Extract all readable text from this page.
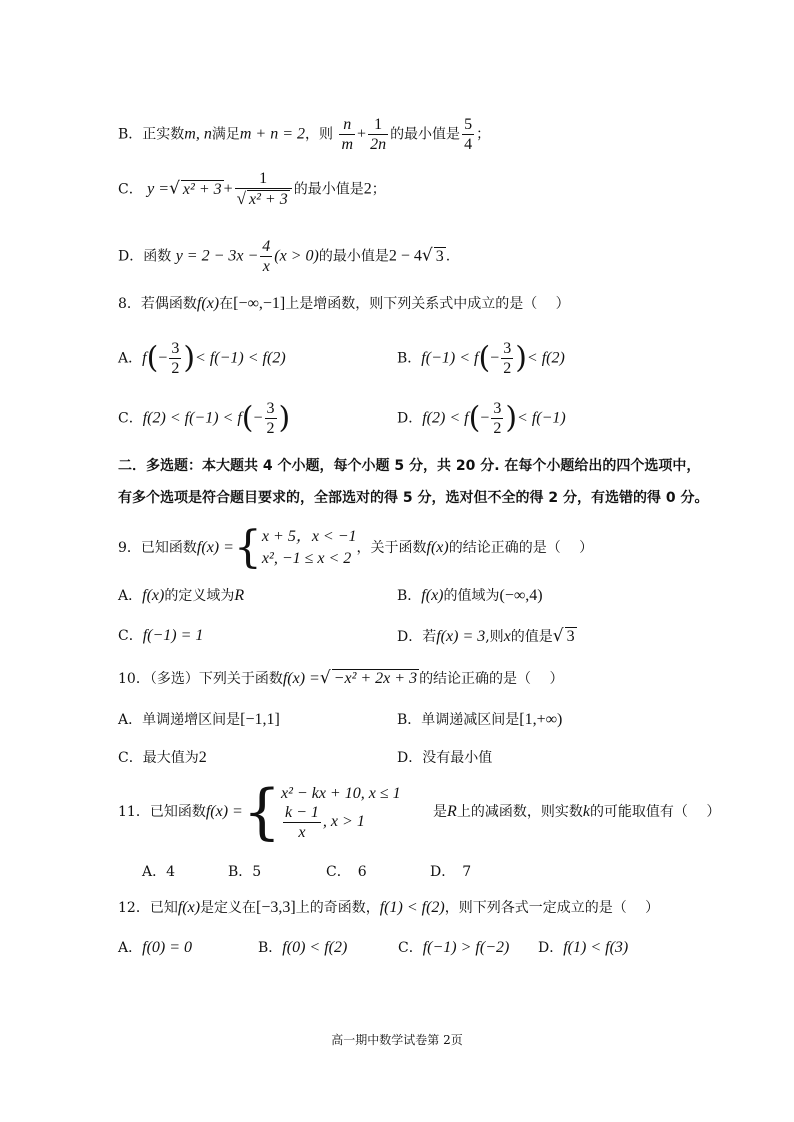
B．正实数m, n满足m + n = 2，则 $\frac{n}{m} + \frac{1}{2n}$ 的最小值是 $\frac{5}{4}$ ；
C． y =√ $x^2 + 3 + \frac{1}{\text{√ x² + 3}}$ 的最小值是2；
D．函数 $y = 2 - 3x - \frac{4}{x} (x > 0)$的最小值是2 − 4√ 3 .
8．若偶函数f(x)在[−∞,−1]上是增函数，则下列关系式中成立的是（　 ）
A．$f(- \frac{3}{2}$ )< f(−1) < f(2)	B．$f(-1) < f(- \frac{3}{2}$ )< f(2)
C．$f(2) < f(-1) < f(- \frac{3}{2}$ )	D．$f(2) < f(- \frac{3}{2}$ )< f(−1)
二．多选题：本大题共 4 个小题，每个小题 5 分，共 20 分. 在每个小题给出的四个选项中，
有多个选项是符合题目要求的，全部选对的得 5 分，选对但不全的得 2 分，有选错的得 0 分。
9．已知函数f(x) ={ x + 5，x < −1
x², −1 ≤ x < 2
，关于函数f(x)的结论正确的是（　 ）
A．f(x)的定义域为R	B．f(x)的值域为(−∞,4)
C．f(−1) = 1	D．若f(x) = 3,则x的值是√ 3
10．（多选）下列关于函数f(x) =√ −x² + 2x + 3 的结论正确的是（　 ）
A．单调递增区间是[−1,1]	B．单调递减区间是[1,+∞)
C．最大值为2	D．没有最小值
11．已知函数f(x) ={ x² − kx + 10, x ≤ 1
$\frac{k - 1}{x}$ , x > 1
是R上的减函数，则实数k的可能取值有（　 ）
A．4	B．5	C．　6	D．　7
12．已知f(x)是定义在[−3,3]上的奇函数，f(1) < f(2)，则下列各式一定成立的是（　 ）
A．f(0) = 0	B．f(0) < f(2)	C．f(−1) > f(−2) D．f(1) < f(3)
高一期中数学试卷第 2页
